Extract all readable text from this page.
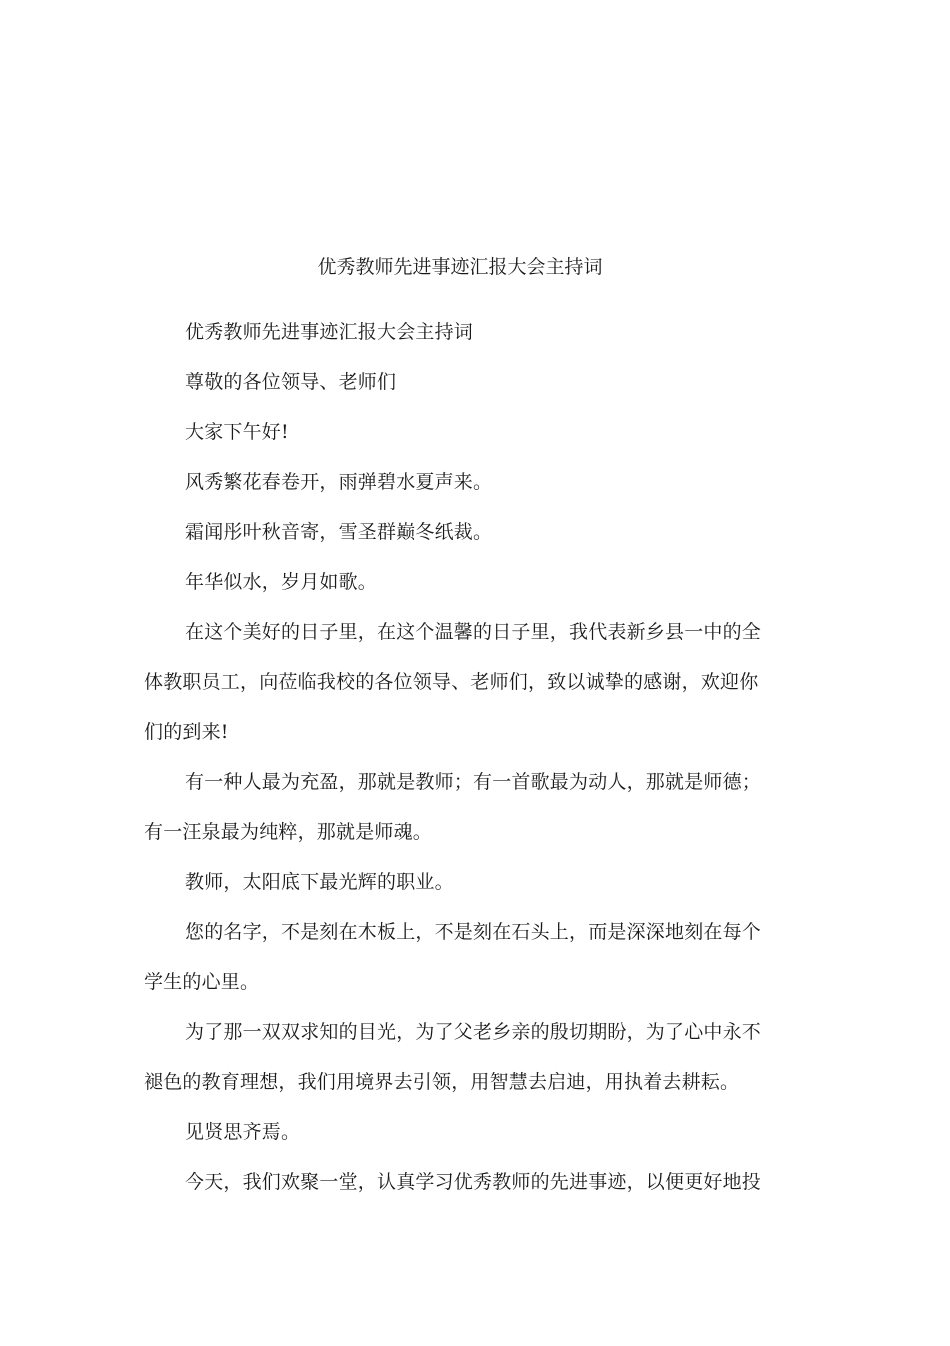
优秀教师先进事迹汇报大会主持词
优秀教师先进事迹汇报大会主持词
尊敬的各位领导、老师们
大家下午好!
风秀繁花春卷开，雨弹碧水夏声来。
霜闻彤叶秋音寄，雪圣群巅冬纸裁。
年华似水，岁月如歌。
在这个美好的日子里，在这个温馨的日子里，我代表新乡县一中的全
体教职员工，向莅临我校的各位领导、老师们，致以诚挚的感谢，欢迎你
们的到来!
有一种人最为充盈，那就是教师；有一首歌最为动人，那就是师德；
有一汪泉最为纯粹，那就是师魂。
教师，太阳底下最光辉的职业。
您的名字，不是刻在木板上，不是刻在石头上，而是深深地刻在每个
学生的心里。
为了那一双双求知的目光，为了父老乡亲的殷切期盼，为了心中永不
褪色的教育理想，我们用境界去引领，用智慧去启迪，用执着去耕耘。
见贤思齐焉。
今天，我们欢聚一堂，认真学习优秀教师的先进事迹，以便更好地投
